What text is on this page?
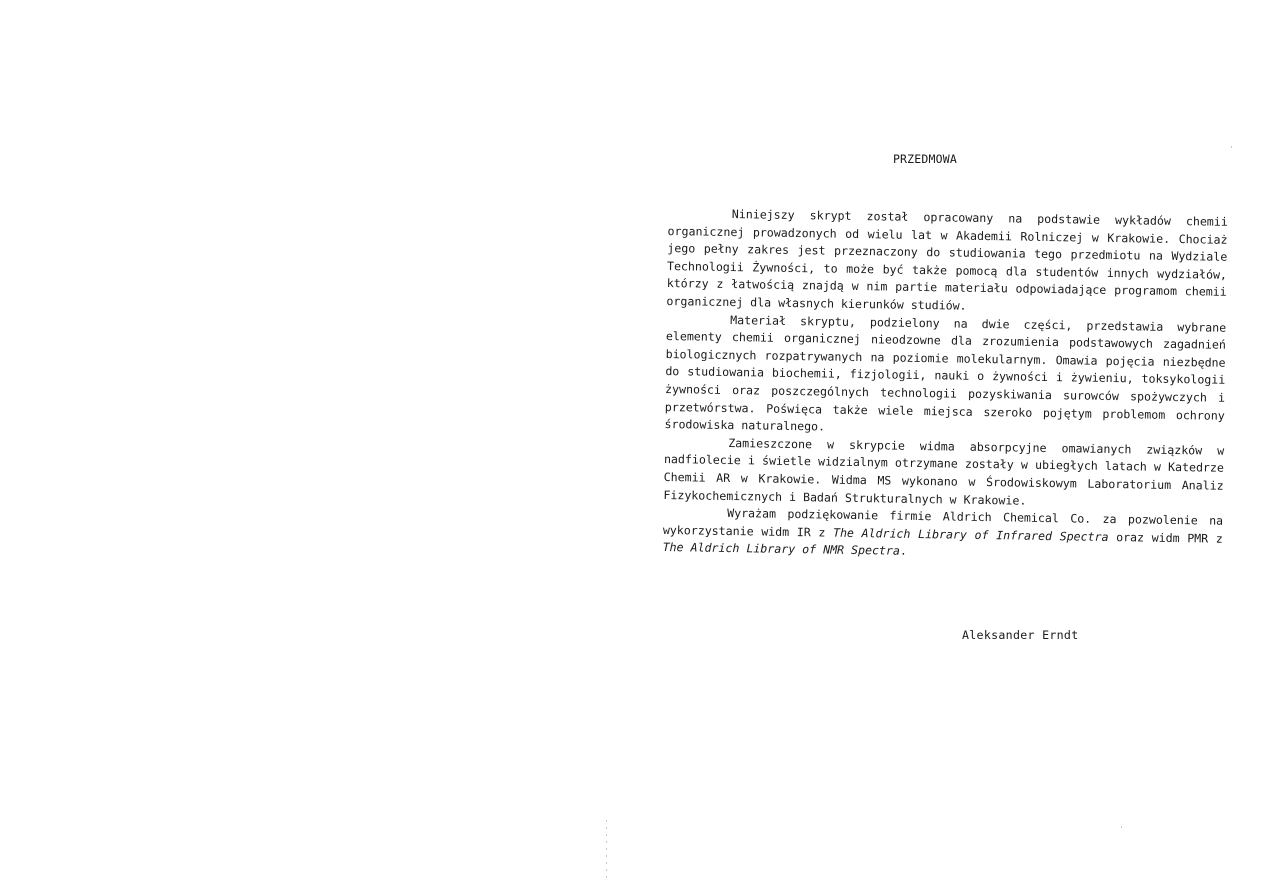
PRZEDMOWA

Niniejszy skrypt został opracowany na podstawie wykładów chemii organicznej prowadzonych od wielu lat w Akademii Rolniczej w Krakowie. Chociaż jego pełny zakres jest przeznaczony do studiowania tego przedmiotu na Wydziale Technologii Żywności, to może być także pomocą dla studentów innych wydziałów, którzy z łatwością znajdą w nim partie materiału odpowiadające programom chemii organicznej dla własnych kierunków studiów.

Materiał skryptu, podzielony na dwie części, przedstawia wybrane elementy chemii organicznej nieodzowne dla zrozumienia podstawowych zagadnień biologicznych rozpatrywanych na poziomie molekularnym. Omawia pojęcia niezbędne do studiowania biochemii, fizjologii, nauki o żywności i żywieniu, toksykologii żywności oraz poszczególnych technologii pozyskiwania surowców spożywczych i przetwórstwa. Poświęca także wiele miejsca szeroko pojętym problemom ochrony środowiska naturalnego.

Zamieszczone w skrypcie widma absorpcyjne omawianych związków w nadfiolecie i świetle widzialnym otrzymane zostały w ubiegłych latach w Katedrze Chemii AR w Krakowie. Widma MS wykonano w Środowiskowym Laboratorium Analiz Fizykochemicznych i Badań Strukturalnych w Krakowie.

Wyrażam podziękowanie firmie Aldrich Chemical Co. za pozwolenie na wykorzystanie widm IR z The Aldrich Library of Infrared Spectra oraz widm PMR z The Aldrich Library of NMR Spectra.

Aleksander Erndt
